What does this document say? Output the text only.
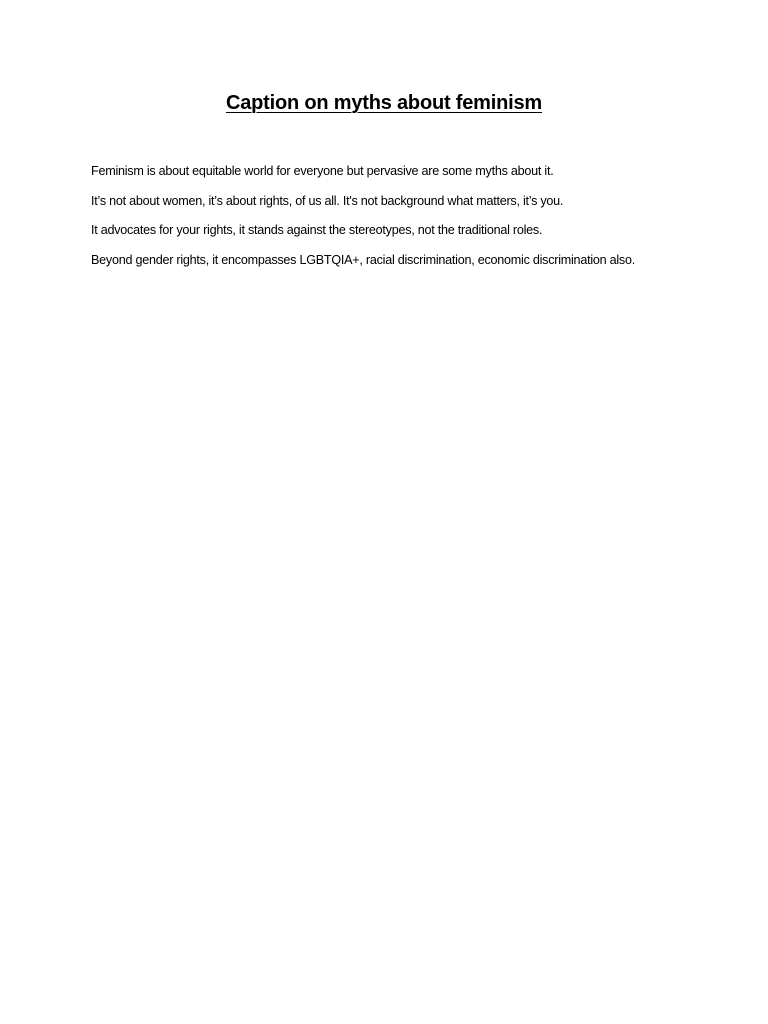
Caption on myths about feminism

Feminism is about equitable world for everyone but pervasive are some myths about it.

It’s not about women, it’s about rights, of us all. It's not background what matters, it’s you.

It advocates for your rights, it stands against the stereotypes, not the traditional roles.

Beyond gender rights, it encompasses LGBTQIA+, racial discrimination, economic discrimination also.
